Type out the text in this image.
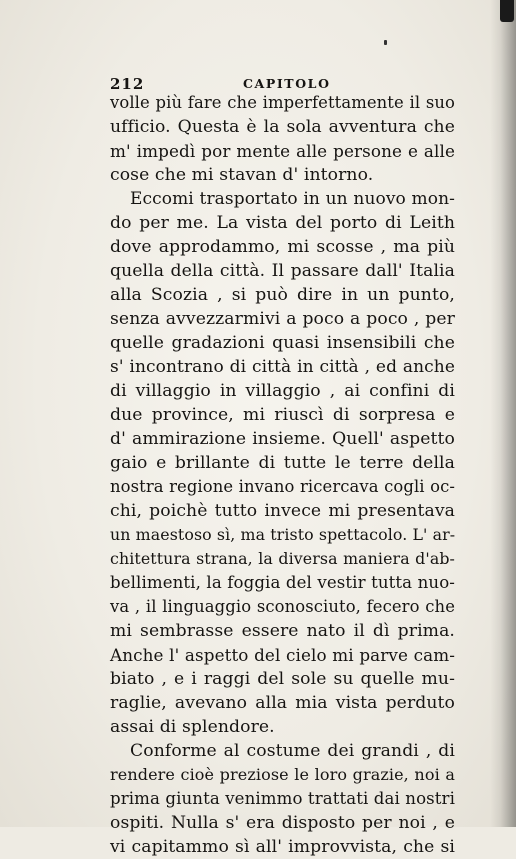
212	CAPITOLO
volle più fare che imperfettamente il suo
ufficio. Questa è la sola avventura che
m' impedì por mente alle persone e alle
cose che mi stavan d' intorno.
Eccomi trasportato in un nuovo mon-
do per me. La vista del porto di Leith
dove approdammo, mi scosse , ma più
quella della città. Il passare dall' Italia
alla Scozia , si può dire in un punto,
senza avvezzarmivi a poco a poco , per
quelle gradazioni quasi insensibili che
s' incontrano di città in città , ed anche
di villaggio in villaggio , ai confini di
due province, mi riuscì di sorpresa e
d' ammirazione insieme. Quell' aspetto
gaio e brillante di tutte le terre della
nostra regione invano ricercava cogli oc-
chi, poichè tutto invece mi presentava
un maestoso sì, ma tristo spettacolo. L' ar-
chitettura strana, la diversa maniera d'ab-
bellimenti, la foggia del vestir tutta nuo-
va , il linguaggio sconosciuto, fecero che
mi sembrasse essere nato il dì prima.
Anche l' aspetto del cielo mi parve cam-
biato , e i raggi del sole su quelle mu-
raglie, avevano alla mia vista perduto
assai di splendore.
Conforme al costume dei grandi , di
rendere cioè preziose le loro grazie, noi a
prima giunta venimmo trattati dai nostri
ospiti. Nulla s' era disposto per noi , e
vi capitammo sì all' improvvista, che si
